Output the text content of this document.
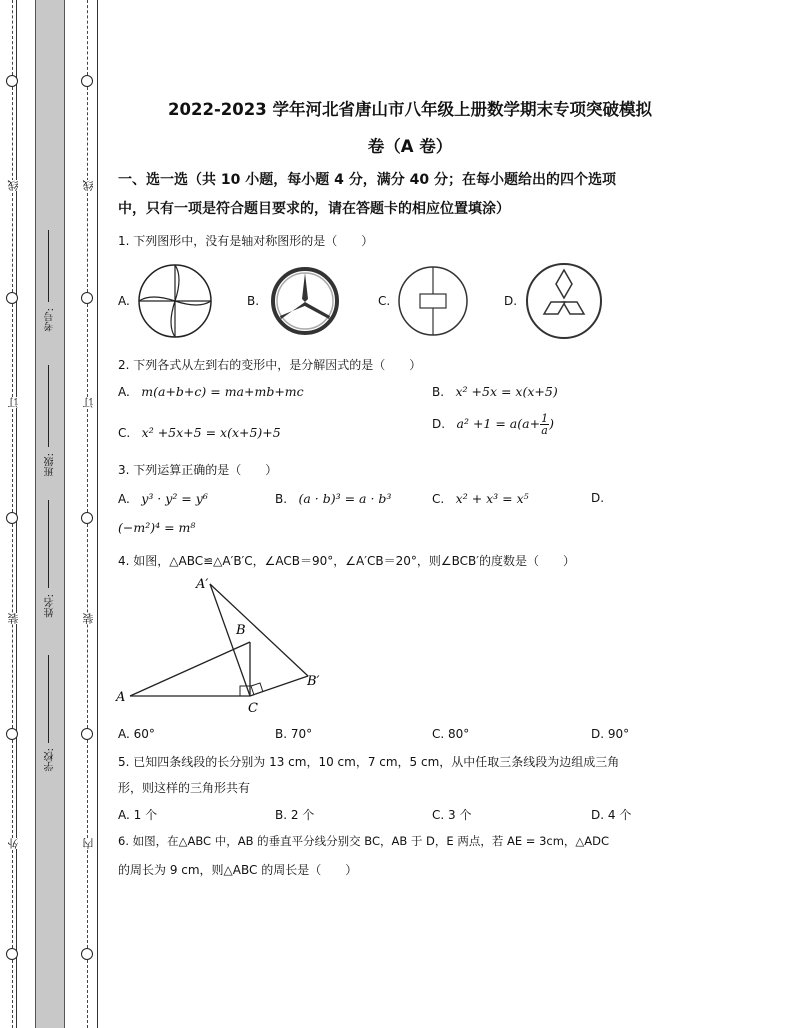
线
订
装
外
线
订
装
内
考号:
班级:
姓名:
学校:
2022-2023 学年河北省唐山市八年级上册数学期末专项突破模拟
卷（A 卷）
一、选一选（共 10 小题，每小题 4 分，满分 40 分；在每小题给出的四个选项
中，只有一项是符合题目要求的，请在答题卡的相应位置填涂）
1. 下列图形中，没有是轴对称图形的是（　　）
A.	B.	C.	D.
2. 下列各式从左到右的变形中，是分解因式的是（　　）
A. m(a+b+c) = ma+mb+mc	B. x² +5x = x(x+5)
C. x² +5x+5 = x(x+5)+5
D. $a^2 +1 = a(a+ \frac{1}{a}$ )
3. 下列运算正确的是（　　）
A. y³ · y² = y⁶	B. (a · b)³ = a · b³	C. x² + x³ = x⁵	D.
(−m²)⁴ = m⁸
4. 如图，△ABC≌△A′B′C，∠ACB＝90°，∠A′CB＝20°，则∠BCB′的度数是（　　）
A′
B
A
C
B′
A. 60°	B. 70°	C. 80°	D. 90°
5. 已知四条线段的长分别为 13 cm，10 cm，7 cm，5 cm，从中任取三条线段为边组成三角
形，则这样的三角形共有
A. 1 个	B. 2 个	C. 3 个	D. 4 个
6. 如图，在△ABC 中，AB 的垂直平分线分别交 BC，AB 于 D，E 两点，若 AE = 3cm，△ADC
的周长为 9 cm，则△ABC 的周长是（　　）
